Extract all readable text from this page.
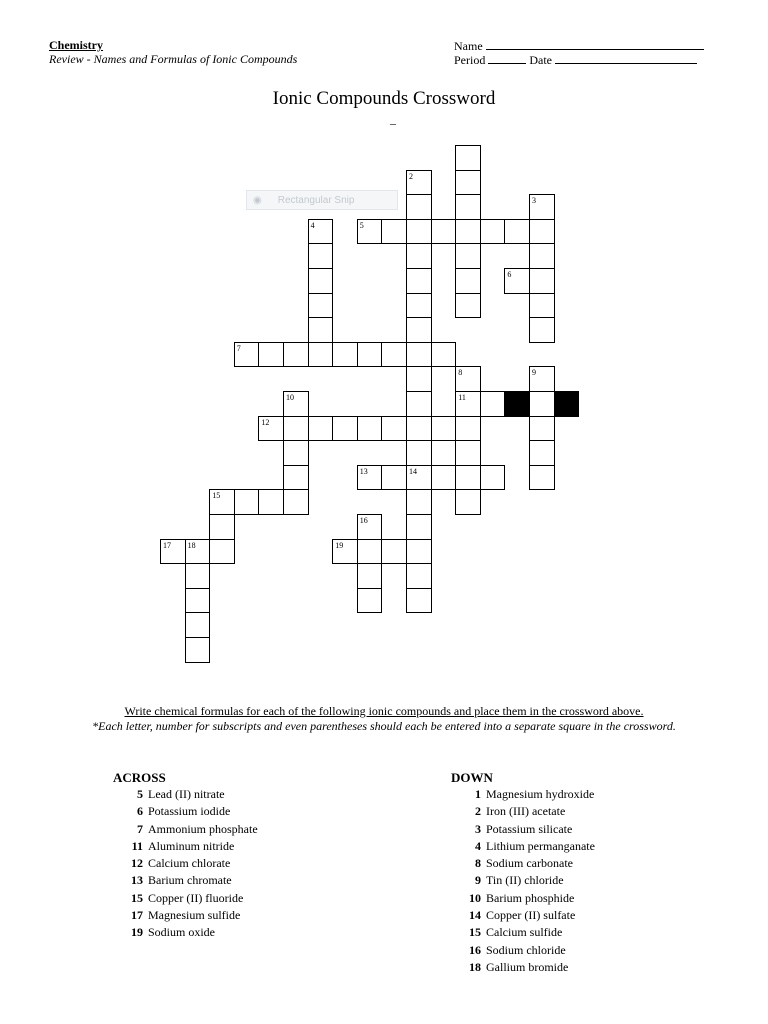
Chemistry
Review - Names and Formulas of Ionic Compounds
Name
Period	Date
Ionic Compounds Crossword
_
2
14
3
4
8
11
9
10
15
16
18
5
6
7
12
13
17	19
◉ Rectangular Snip
Write chemical formulas for each of the following ionic compounds and place them in the crossword above.
*Each letter, number for subscripts and even parentheses should each be entered into a separate square in the crossword.
ACROSS
5 Lead (II) nitrate
6 Potassium iodide
7 Ammonium phosphate
11 Aluminum nitride
12 Calcium chlorate
13 Barium chromate
15 Copper (II) fluoride
17 Magnesium sulfide
19 Sodium oxide
DOWN
1 Magnesium hydroxide
2 Iron (III) acetate
3 Potassium silicate
4 Lithium permanganate
8 Sodium carbonate
9 Tin (II) chloride
10 Barium phosphide
14 Copper (II) sulfate
15 Calcium sulfide
16 Sodium chloride
18 Gallium bromide
